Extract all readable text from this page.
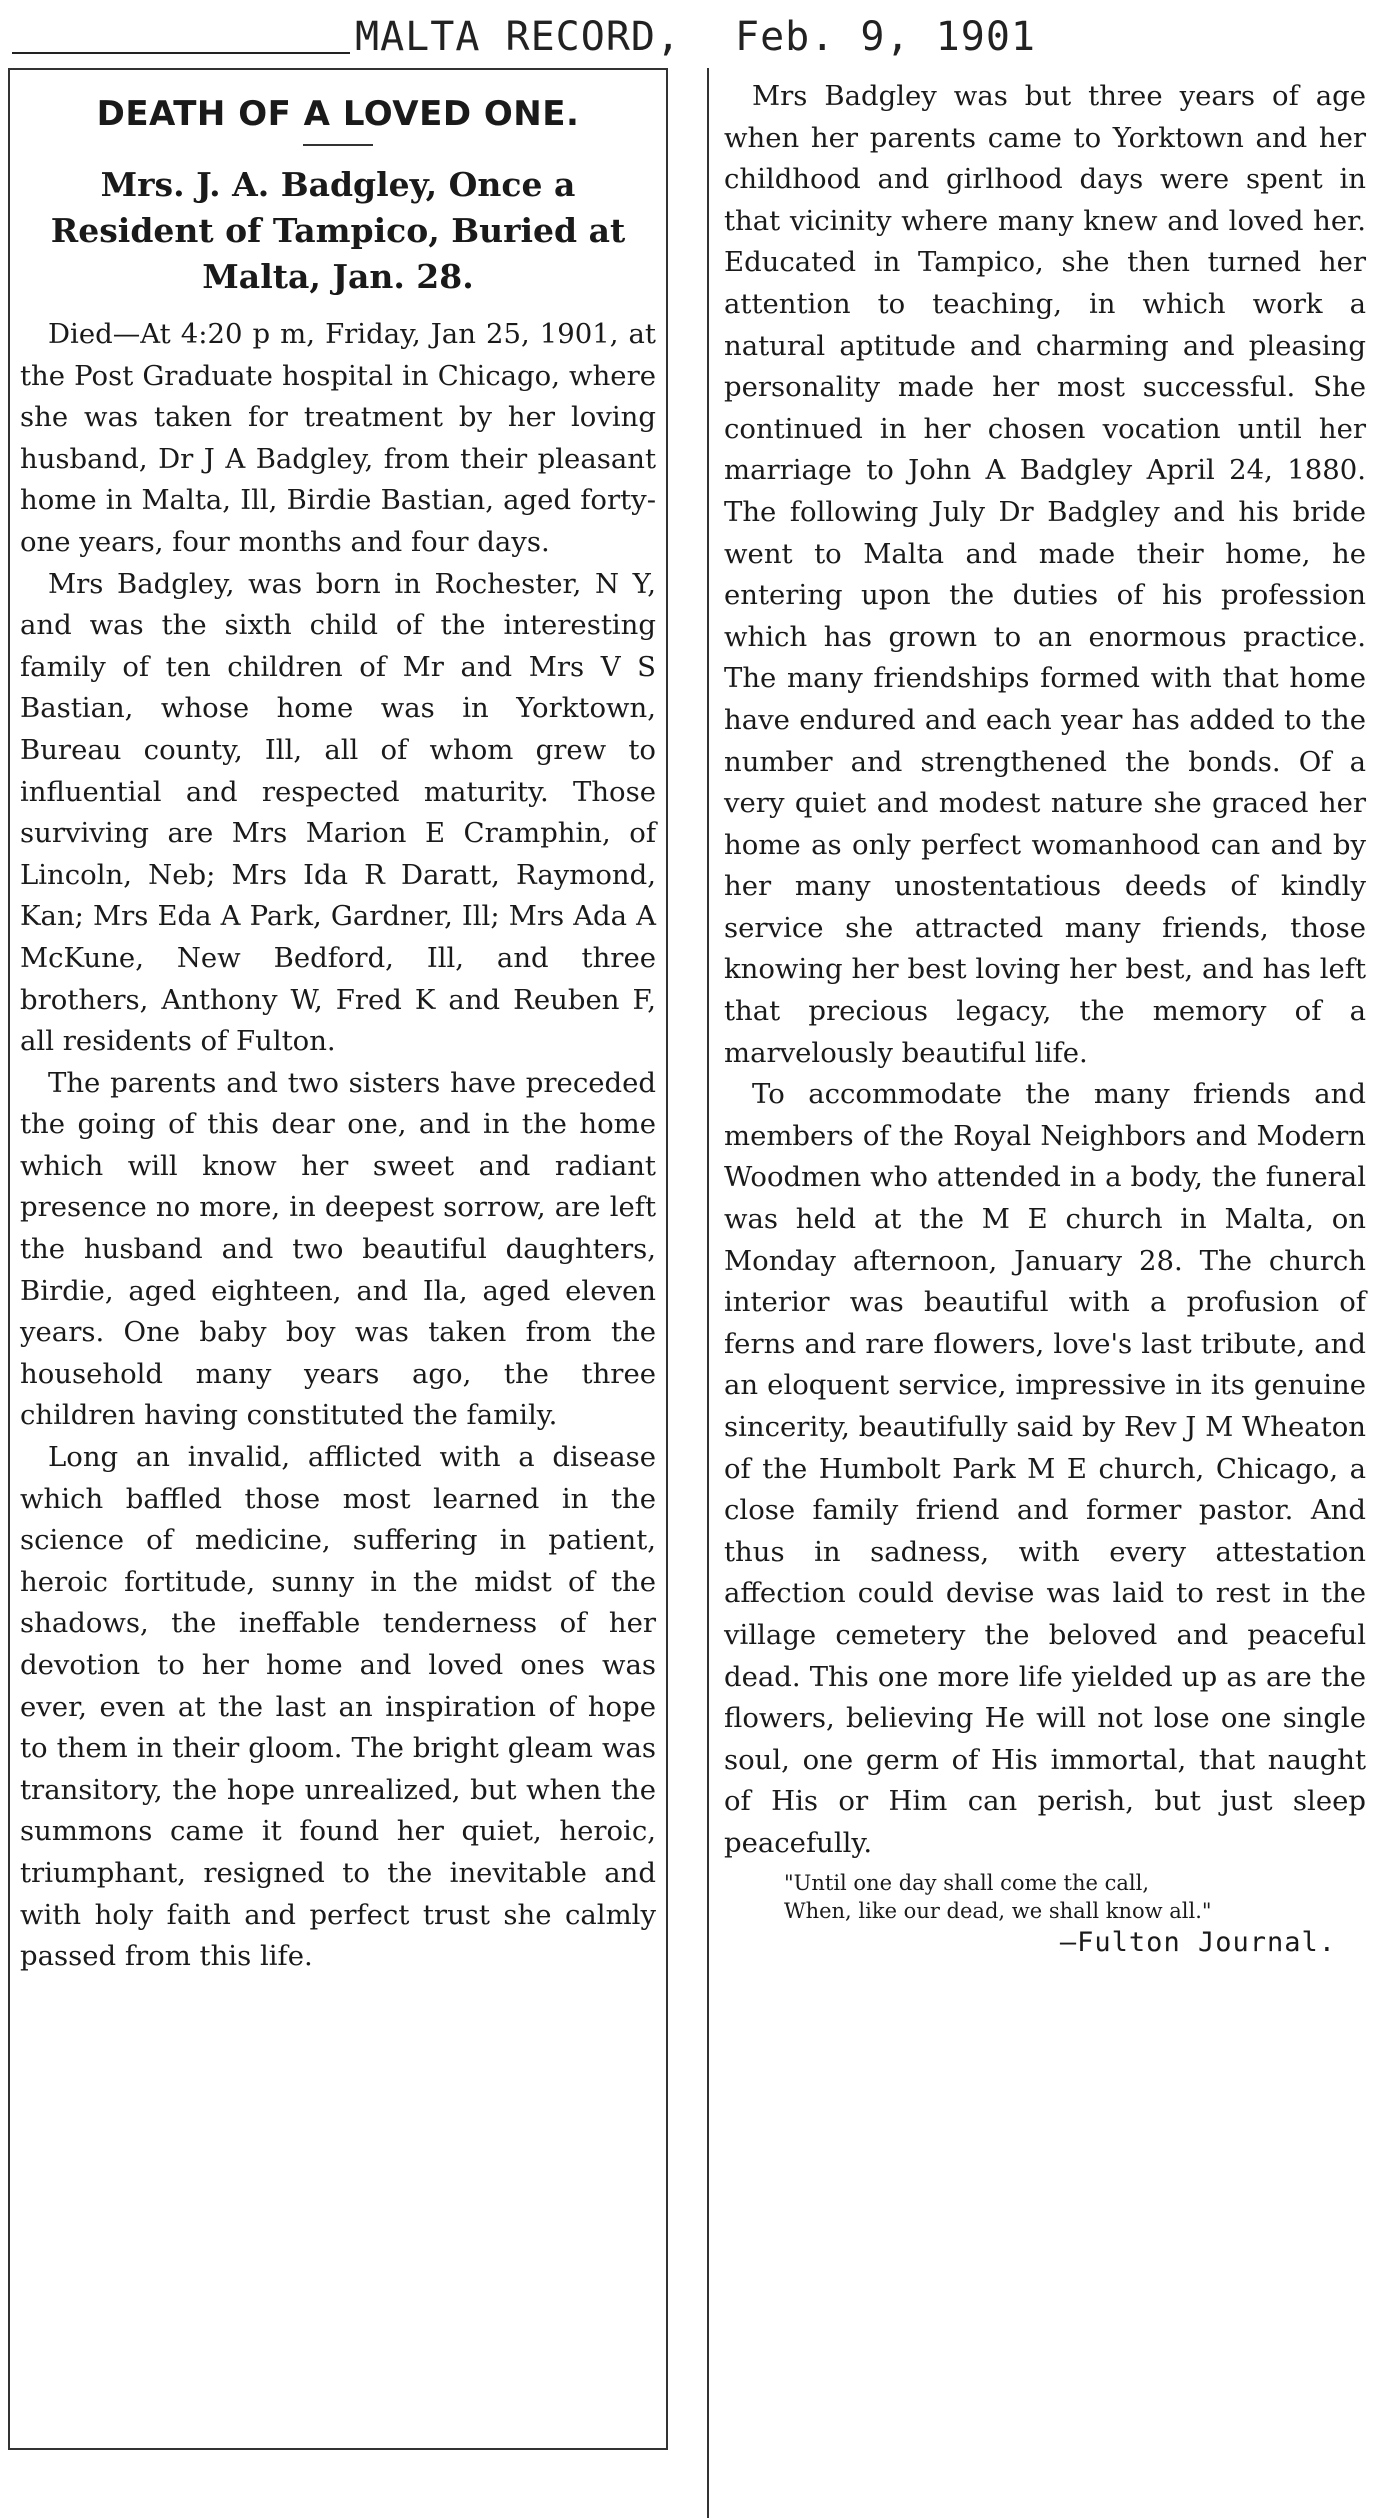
MALTA RECORD, Feb. 9, 1901
DEATH OF A LOVED ONE.
Mrs. J. A. Badgley, Once a Resident of Tampico, Buried at Malta, Jan. 28.

Died—At 4:20 p m, Friday, Jan 25, 1901, at the Post Graduate hospital in Chicago, where she was taken for treatment by her loving husband, Dr J A Badgley, from their pleasant home in Malta, Ill, Birdie Bastian, aged forty-one years, four months and four days.

Mrs Badgley, was born in Rochester, N Y, and was the sixth child of the interesting family of ten children of Mr and Mrs V S Bastian, whose home was in Yorktown, Bureau county, Ill, all of whom grew to influential and respected maturity. Those surviving are Mrs Marion E Cramphin, of Lincoln, Neb; Mrs Ida R Daratt, Raymond, Kan; Mrs Eda A Park, Gardner, Ill; Mrs Ada A McKune, New Bedford, Ill, and three brothers, Anthony W, Fred K and Reuben F, all residents of Fulton.

The parents and two sisters have preceded the going of this dear one, and in the home which will know her sweet and radiant presence no more, in deepest sorrow, are left the husband and two beautiful daughters, Birdie, aged eighteen, and Ila, aged eleven years. One baby boy was taken from the household many years ago, the three children having constituted the family.

Long an invalid, afflicted with a disease which baffled those most learned in the science of medicine, suffering in patient, heroic fortitude, sunny in the midst of the shadows, the ineffable tenderness of her devotion to her home and loved ones was ever, even at the last an inspiration of hope to them in their gloom. The bright gleam was transitory, the hope unrealized, but when the summons came it found her quiet, heroic, triumphant, resigned to the inevitable and with holy faith and perfect trust she calmly passed from this life.

Mrs Badgley was but three years of age when her parents came to Yorktown and her childhood and girlhood days were spent in that vicinity where many knew and loved her. Educated in Tampico, she then turned her attention to teaching, in which work a natural aptitude and charming and pleasing personality made her most successful. She continued in her chosen vocation until her marriage to John A Badgley April 24, 1880. The following July Dr Badgley and his bride went to Malta and made their home, he entering upon the duties of his profession which has grown to an enormous practice. The many friendships formed with that home have endured and each year has added to the number and strengthened the bonds. Of a very quiet and modest nature she graced her home as only perfect womanhood can and by her many unostentatious deeds of kindly service she attracted many friends, those knowing her best loving her best, and has left that precious legacy, the memory of a marvelously beautiful life.

To accommodate the many friends and members of the Royal Neighbors and Modern Woodmen who attended in a body, the funeral was held at the M E church in Malta, on Monday afternoon, January 28. The church interior was beautiful with a profusion of ferns and rare flowers, love's last tribute, and an eloquent service, impressive in its genuine sincerity, beautifully said by Rev J M Wheaton of the Humbolt Park M E church, Chicago, a close family friend and former pastor. And thus in sadness, with every attestation affection could devise was laid to rest in the village cemetery the beloved and peaceful dead. This one more life yielded up as are the flowers, believing He will not lose one single soul, one germ of His immortal, that naught of His or Him can perish, but just sleep peacefully.

"Until one day shall come the call,
When, like our dead, we shall know all."
—Fulton Journal.
